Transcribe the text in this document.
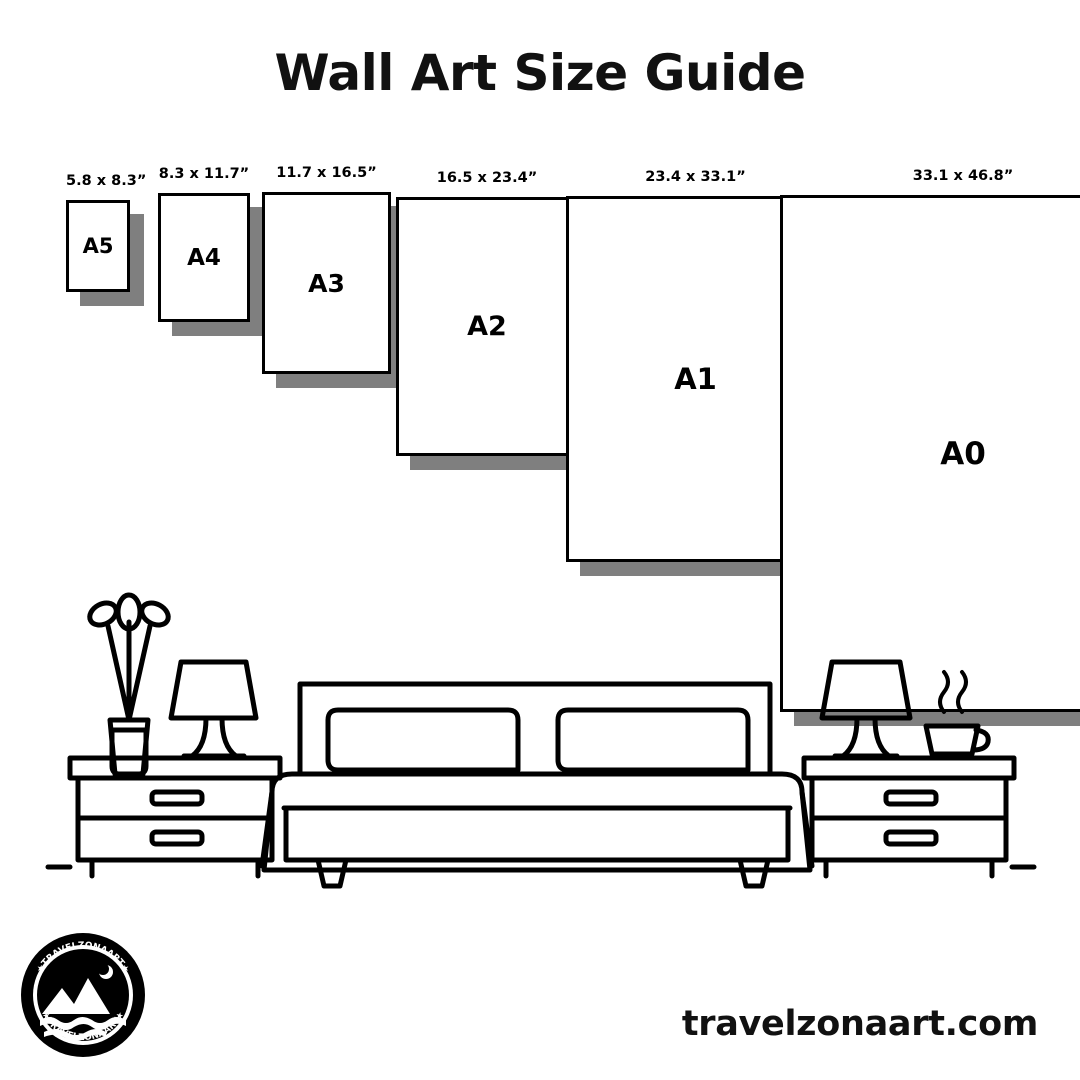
Wall Art Size Guide
A5
5.8 x 8.3”
A4
8.3 x 11.7”
A3
11.7 x 16.5”
A2
16.5 x 23.4”
A1
23.4 x 33.1”
A0
33.1 x 46.8”
travelzonaart.com
★TRAVELZONAART★
★TRAVELZONAART★
